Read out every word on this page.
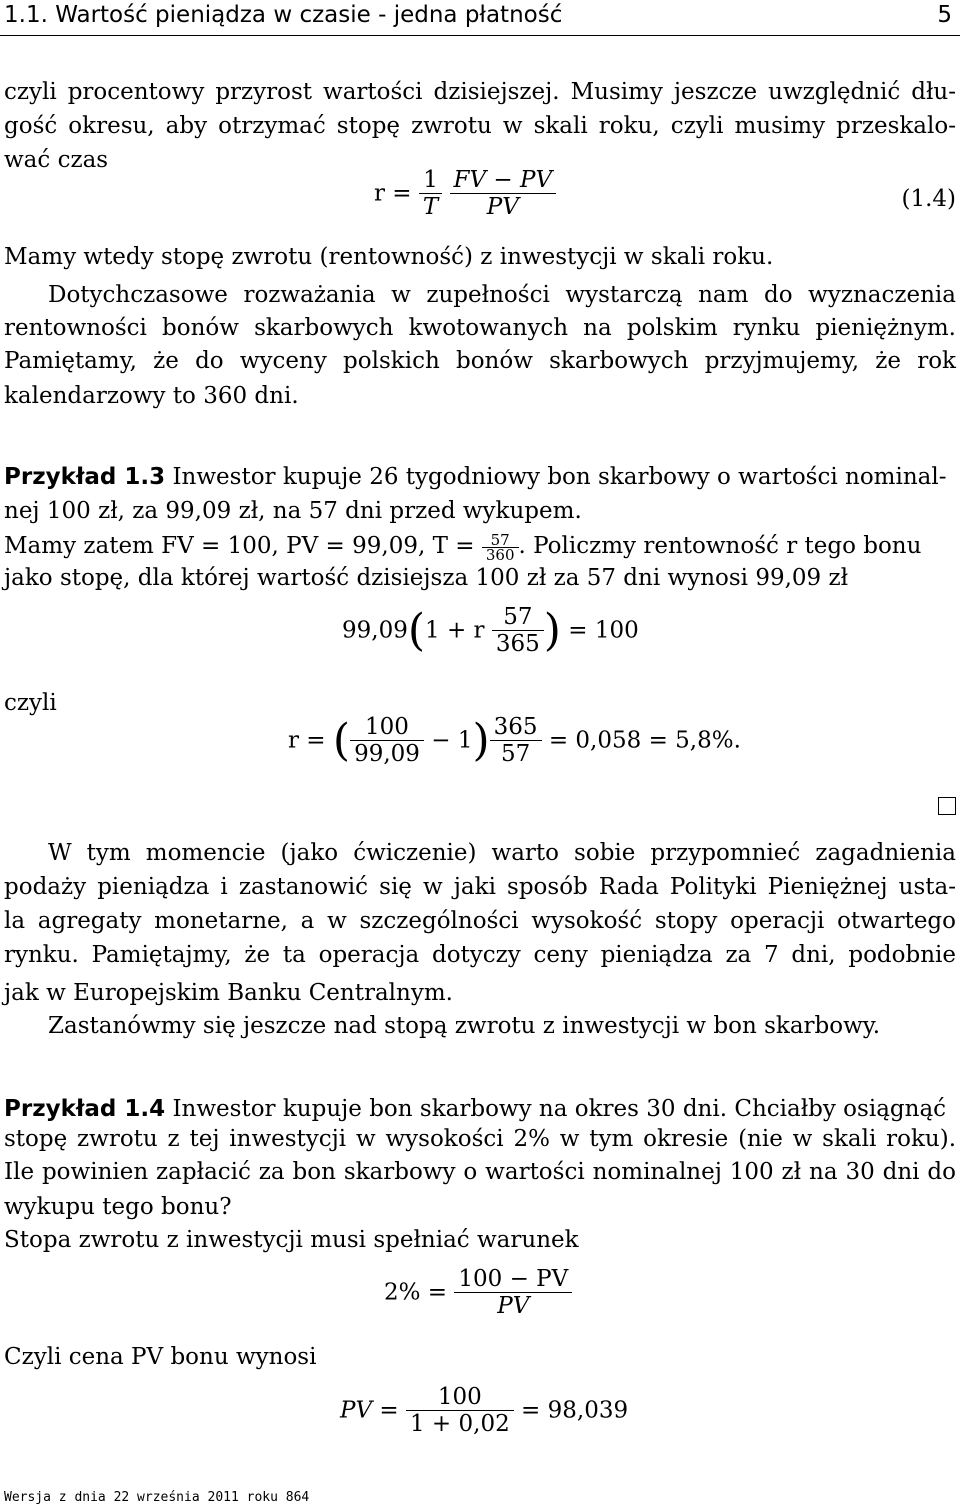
1.1. Wartość pieniądza w czasie - jedna płatność	5
czyli procentowy przyrost wartości dzisiejszej. Musimy jeszcze uwzględnić dłu-
gość okresu, aby otrzymać stopę zwrotu w skali roku, czyli musimy przeskalo-
wać czas
$r = \frac{1}{T}$
$\frac{FV - PV}{PV}$	(1.4)
Mamy wtedy stopę zwrotu (rentowność) z inwestycji w skali roku.
Dotychczasowe rozważania w zupełności wystarczą nam do wyznaczenia
rentowności bonów skarbowych kwotowanych na polskim rynku pieniężnym.
Pamiętamy, że do wyceny polskich bonów skarbowych przyjmujemy, że rok
kalendarzowy to 360 dni.
Przykład 1.3 Inwestor kupuje 26 tygodniowy bon skarbowy o wartości nominal-
nej 100 zł, za 99,09 zł, na 57 dni przed wykupem.
Mamy zatem FV = 100, PV = 99,09, $T = \frac{57}{360}$ . Policzmy rentowność r tego bonu
jako stopę, dla której wartość dzisiejsza 100 zł za 57 dni wynosi 99,09 zł
99,09(1 + r $\frac{57}{365}$ ) = 100
czyli
r = ( $\frac{100}{99,09} - 1) \frac{365}{57} = 0,058 = 5,8\%$.
W tym momencie (jako ćwiczenie) warto sobie przypomnieć zagadnienia
podaży pieniądza i zastanowić się w jaki sposób Rada Polityki Pieniężnej usta-
la agregaty monetarne, a w szczególności wysokość stopy operacji otwartego
rynku. Pamiętajmy, że ta operacja dotyczy ceny pieniądza za 7 dni, podobnie
jak w Europejskim Banku Centralnym.
Zastanówmy się jeszcze nad stopą zwrotu z inwestycji w bon skarbowy.
Przykład 1.4 Inwestor kupuje bon skarbowy na okres 30 dni. Chciałby osiągnąć
stopę zwrotu z tej inwestycji w wysokości 2% w tym okresie (nie w skali roku).
Ile powinien zapłacić za bon skarbowy o wartości nominalnej 100 zł na 30 dni do
wykupu tego bonu?
Stopa zwrotu z inwestycji musi spełniać warunek
$2\% = \frac{100 - PV}{PV}$
Czyli cena PV bonu wynosi
PV = $\frac{100}{1 + 0,02} = 98,039$
Wersja z dnia 22 września 2011 roku 864
